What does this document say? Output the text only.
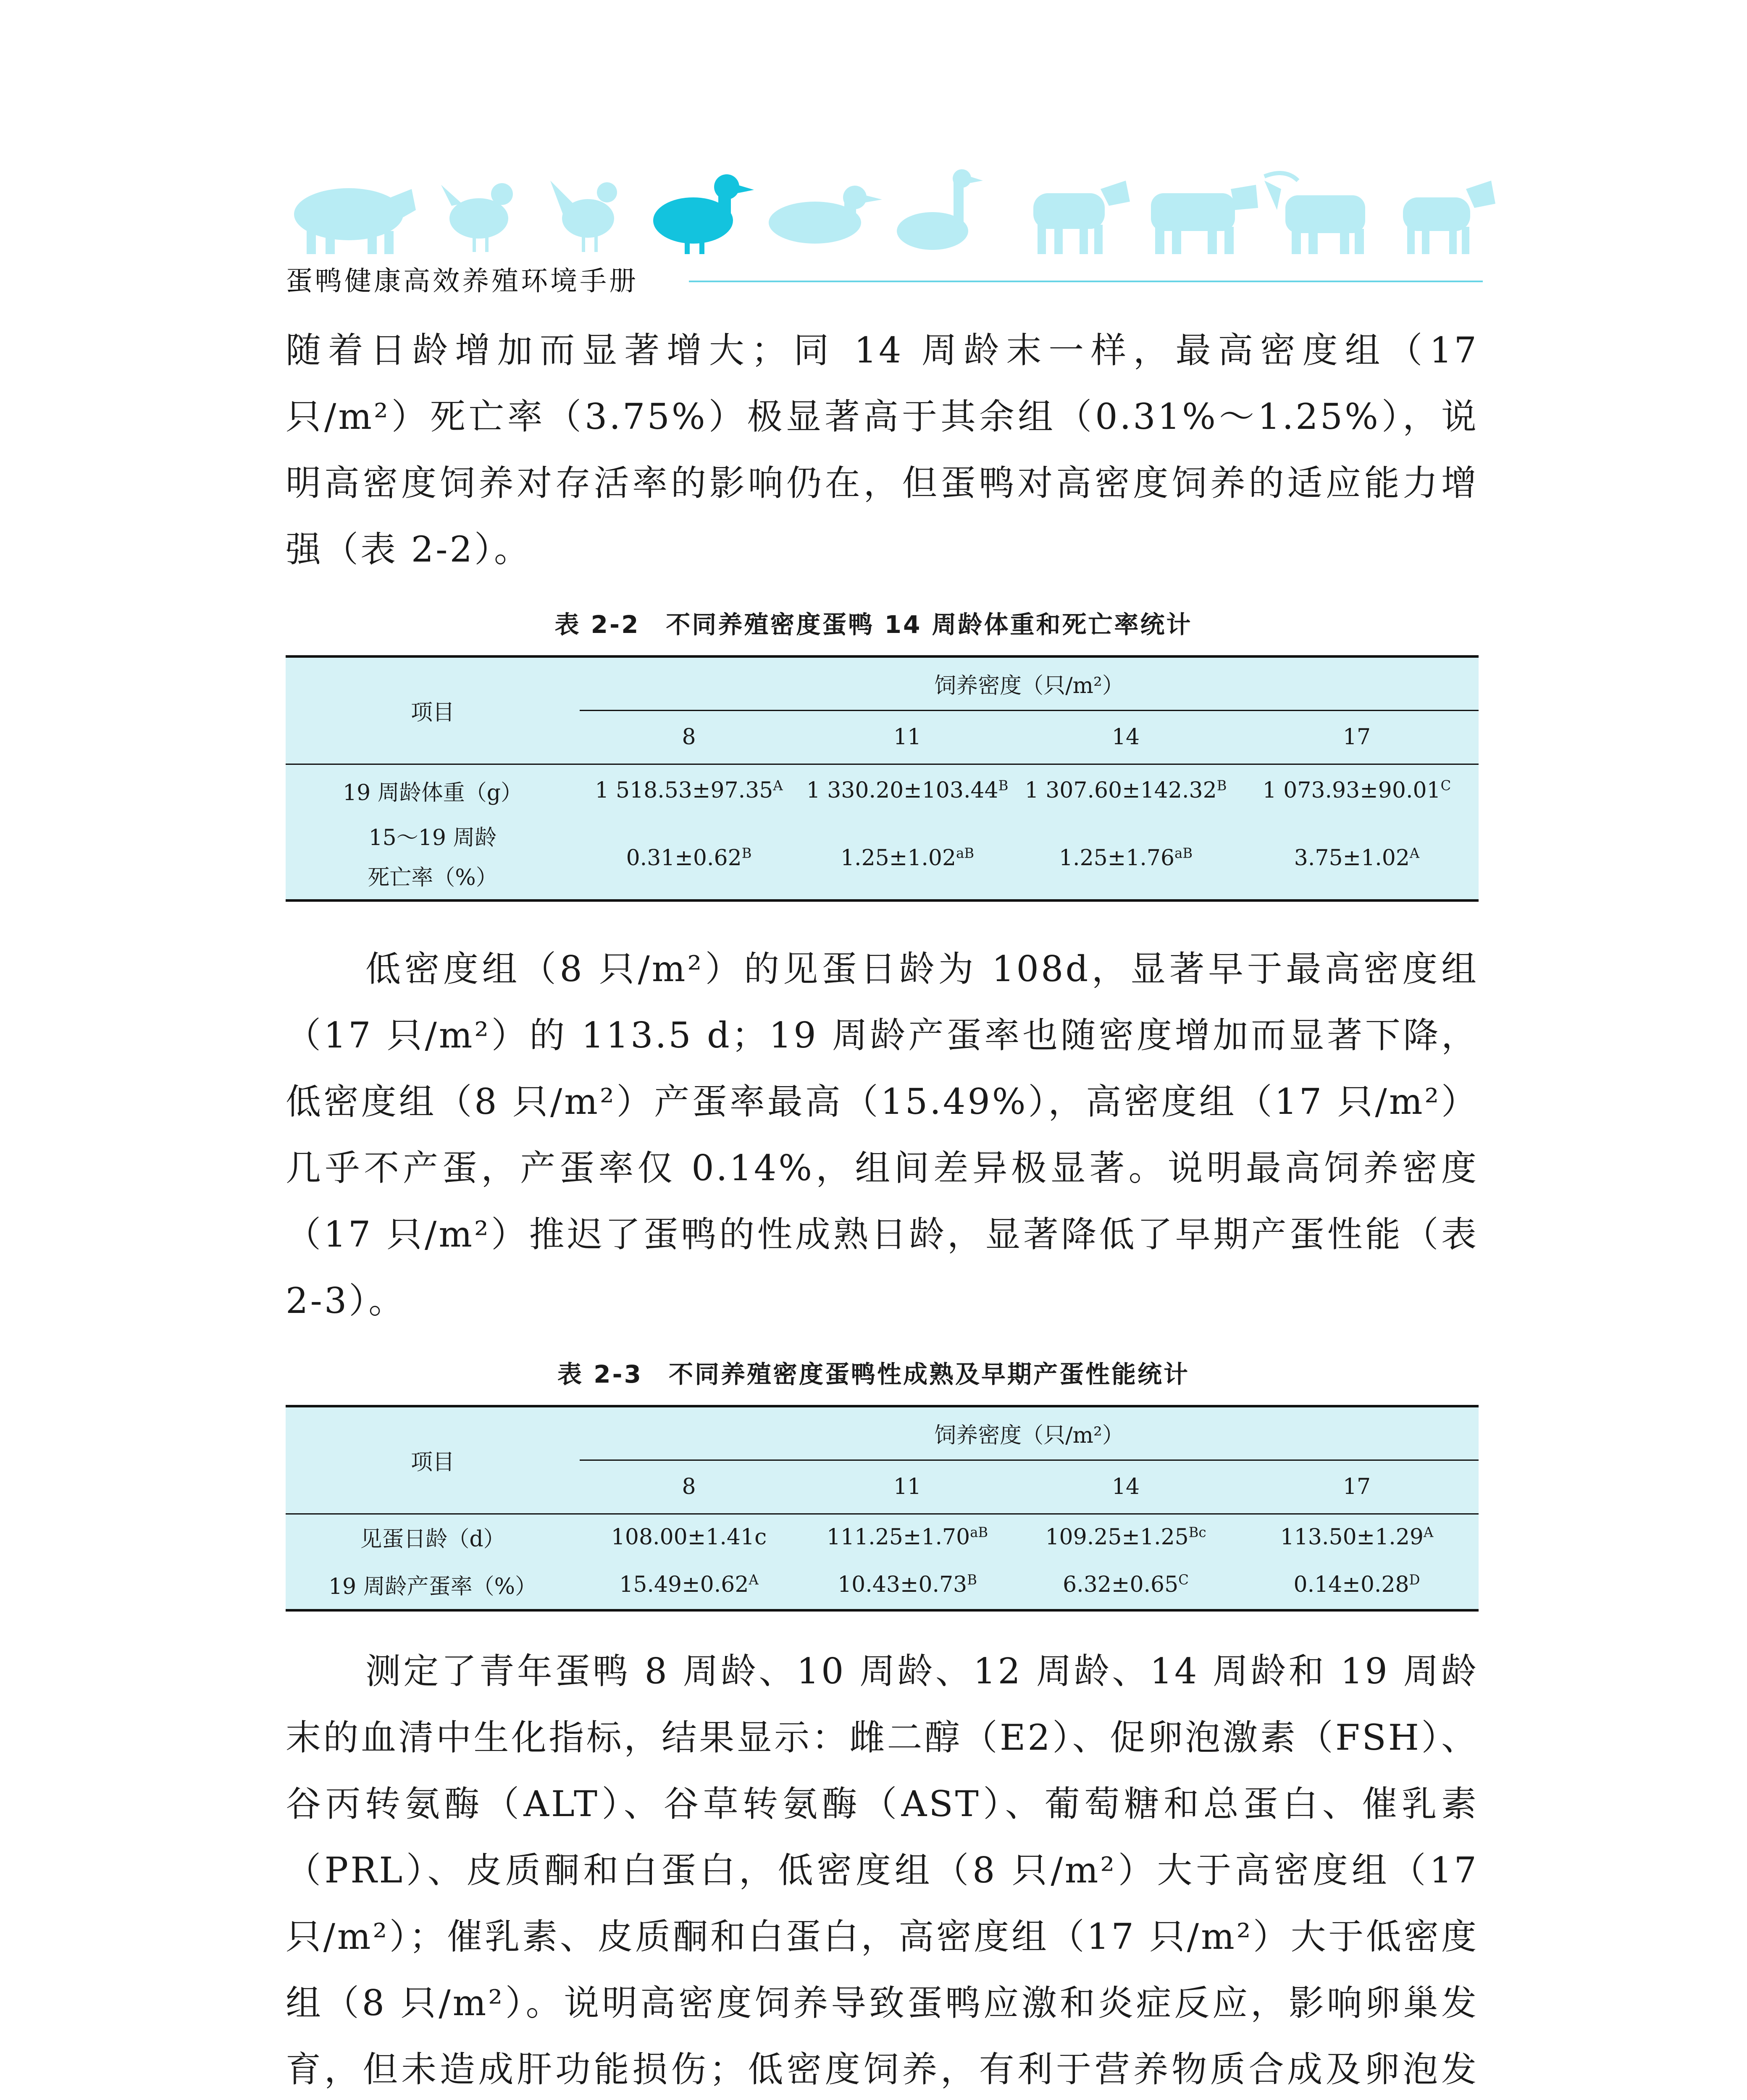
蛋鸭健康高效养殖环境手册

随着日龄增加而显著增大；同 14 周龄末一样，最高密度组（17 只/m²）死亡率（3.75%）极显著高于其余组（0.31%～1.25%），说明高密度饲养对存活率的影响仍在，但蛋鸭对高密度饲养的适应能力增强（表 2-2）。

表 2-2　不同养殖密度蛋鸭 14 周龄体重和死亡率统计
项目	饲养密度（只/m²）			
	8	11	14	17
19 周龄体重（g）	1 $518.53\pm 97.35^A$	1 $330.20\pm 103.44^B$	1 $307.60\pm 142.32^B$	1 $073.93\pm 90.01^C$

15～19 周龄
死亡率（%）	$0.31\pm 0.62^B$	$1.25\pm 1.02^{aB}$	$1.25\pm 1.76^{aB}$	$3.75\pm 1.02^A$

低密度组（8 只/m²）的见蛋日龄为 108d，显著早于最高密度组（17 只/m²）的 113.5 d；19 周龄产蛋率也随密度增加而显著下降，低密度组（8 只/m²）产蛋率最高（15.49%），高密度组（17 只/m²）几乎不产蛋，产蛋率仅 0.14%，组间差异极显著。说明最高饲养密度（17 只/m²）推迟了蛋鸭的性成熟日龄，显著降低了早期产蛋性能（表 2-3）。

表 2-3　不同养殖密度蛋鸭性成熟及早期产蛋性能统计
项目	饲养密度（只/m²）			
	8	11	14	17
见蛋日龄（d）	108.00±1.41c	$111.25\pm 1.70^{aB}$	$109.25\pm 1.25^{Bc}$	$113.50\pm 1.29^A$
19 周龄产蛋率（%）	$15.49\pm 0.62^A$	$10.43\pm 0.73^B$	$6.32\pm 0.65^C$	$0.14\pm 0.28^D$

测定了青年蛋鸭 8 周龄、10 周龄、12 周龄、14 周龄和 19 周龄末的血清中生化指标，结果显示：雌二醇（E2）、促卵泡激素（FSH）、谷丙转氨酶（ALT）、谷草转氨酶（AST）、葡萄糖和总蛋白、催乳素（PRL）、皮质酮和白蛋白，低密度组（8 只/m²）大于高密度组（17 只/m²）；催乳素、皮质酮和白蛋白，高密度组（17 只/m²）大于低密度组（8 只/m²）。说明高密度饲养导致蛋鸭应激和炎症反应，影响卵巢发育，但未造成肝功能损伤；低密度饲养，有利于营养物质合成及卵泡发
